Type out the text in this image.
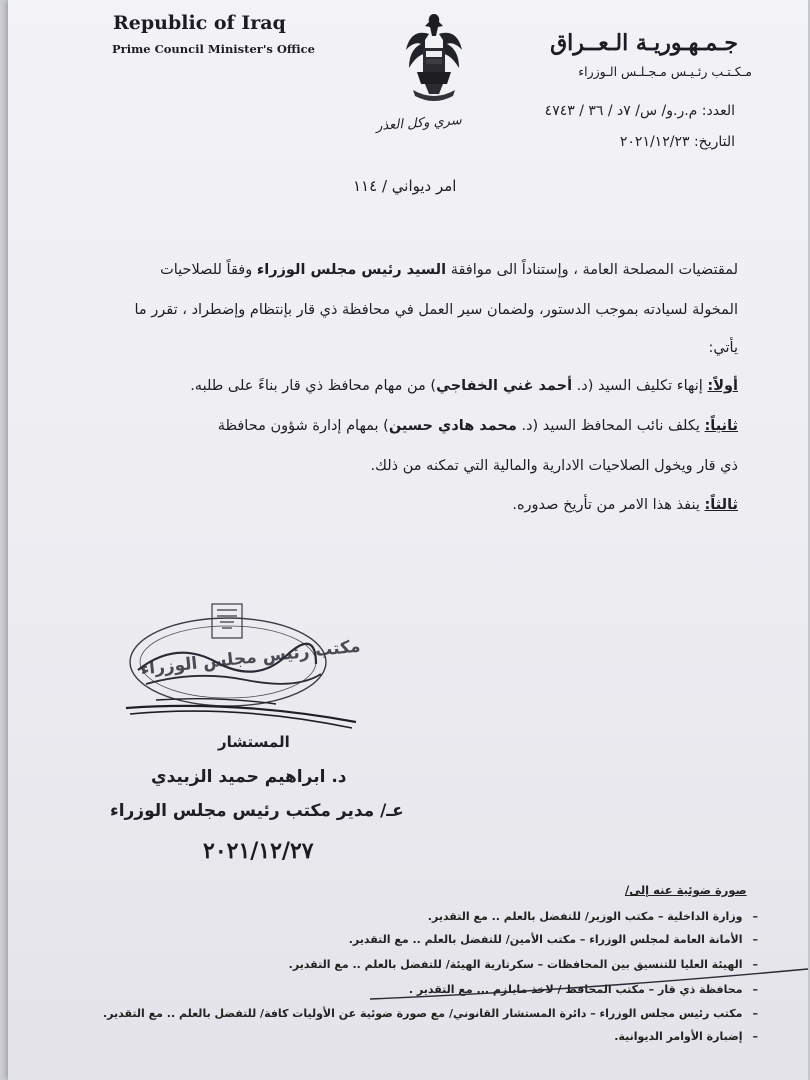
Republic of Iraq
Prime Council Minister's Office	جـمـهـوريـة الـعــراق
مـكـتـب رئـيـس مـجـلـس الـوزراء
العدد: م.ر.و/ س/ ٧د / ٣٦ / ٤٧٤٣
التاريخ: ٢٠٢١/١٢/٢٣
سري وكل العذر
امر ديواني / ١١٤
لمقتضيات المصلحة العامة ، وإستناداً الى موافقة السيد رئيس مجلس الوزراء وفقاً للصلاحيات
المخولة لسيادته بموجب الدستور، ولضمان سير العمل في محافظة ذي قار بإنتظام وإضطراد ، تقرر ما
يأتي:
أولاً: إنهاء تكليف السيد (د. أحمد غني الخفاجي) من مهام محافظ ذي قار بناءً على طلبه.
ثانياً: يكلف نائب المحافظ السيد (د. محمد هادي حسين) بمهام إدارة شؤون محافظة
ذي قار ويخول الصلاحيات الادارية والمالية التي تمكنه من ذلك.
ثالثاً: ينفذ هذا الامر من تأريخ صدوره.
مكتب رئيس مجلس الوزراء
المستشار
د. ابراهيم حميد الزبيدي
عـ/ مدير مكتب رئيس مجلس الوزراء
٢٠٢١/١٢/٢٧
صورة ضوئية عنه إلى/
–وزارة الداخلية – مكتب الوزير/ للتفضل بالعلم .. مع التقدير.
–الأمانة العامة لمجلس الوزراء – مكتب الأمين/ للتفضل بالعلم .. مع التقدير.
–الهيئة العليا للتنسيق بين المحافظات – سكرتارية الهيئة/ للتفضل بالعلم .. مع التقدير.
–محافظة ذي قار – مكتب المحافظ / لاخذ مايلزم ... مع التقدير .
–مكتب رئيس مجلس الوزراء – دائرة المستشار القانوني/ مع صورة ضوئية عن الأوليات كافة/ للتفضل بالعلم .. مع التقدير.
–إضبارة الأوامر الديوانية.
